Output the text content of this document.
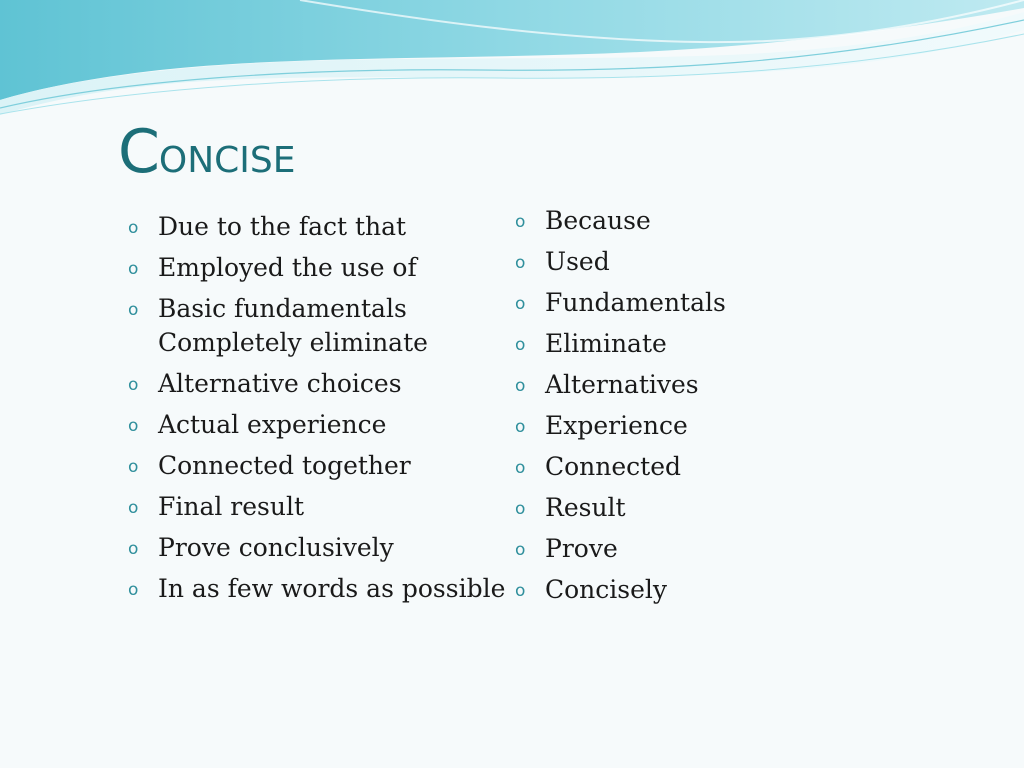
CONCISE
o Due to the fact that
o Employed the use of
o Basic fundamentals
Completely eliminate
o Alternative choices
o Actual experience
o Connected together
o Final result
o Prove conclusively
o In as few words as possible
o Because
o Used
o Fundamentals
o Eliminate
o Alternatives
o Experience
o Connected
o Result
o Prove
o Concisely
